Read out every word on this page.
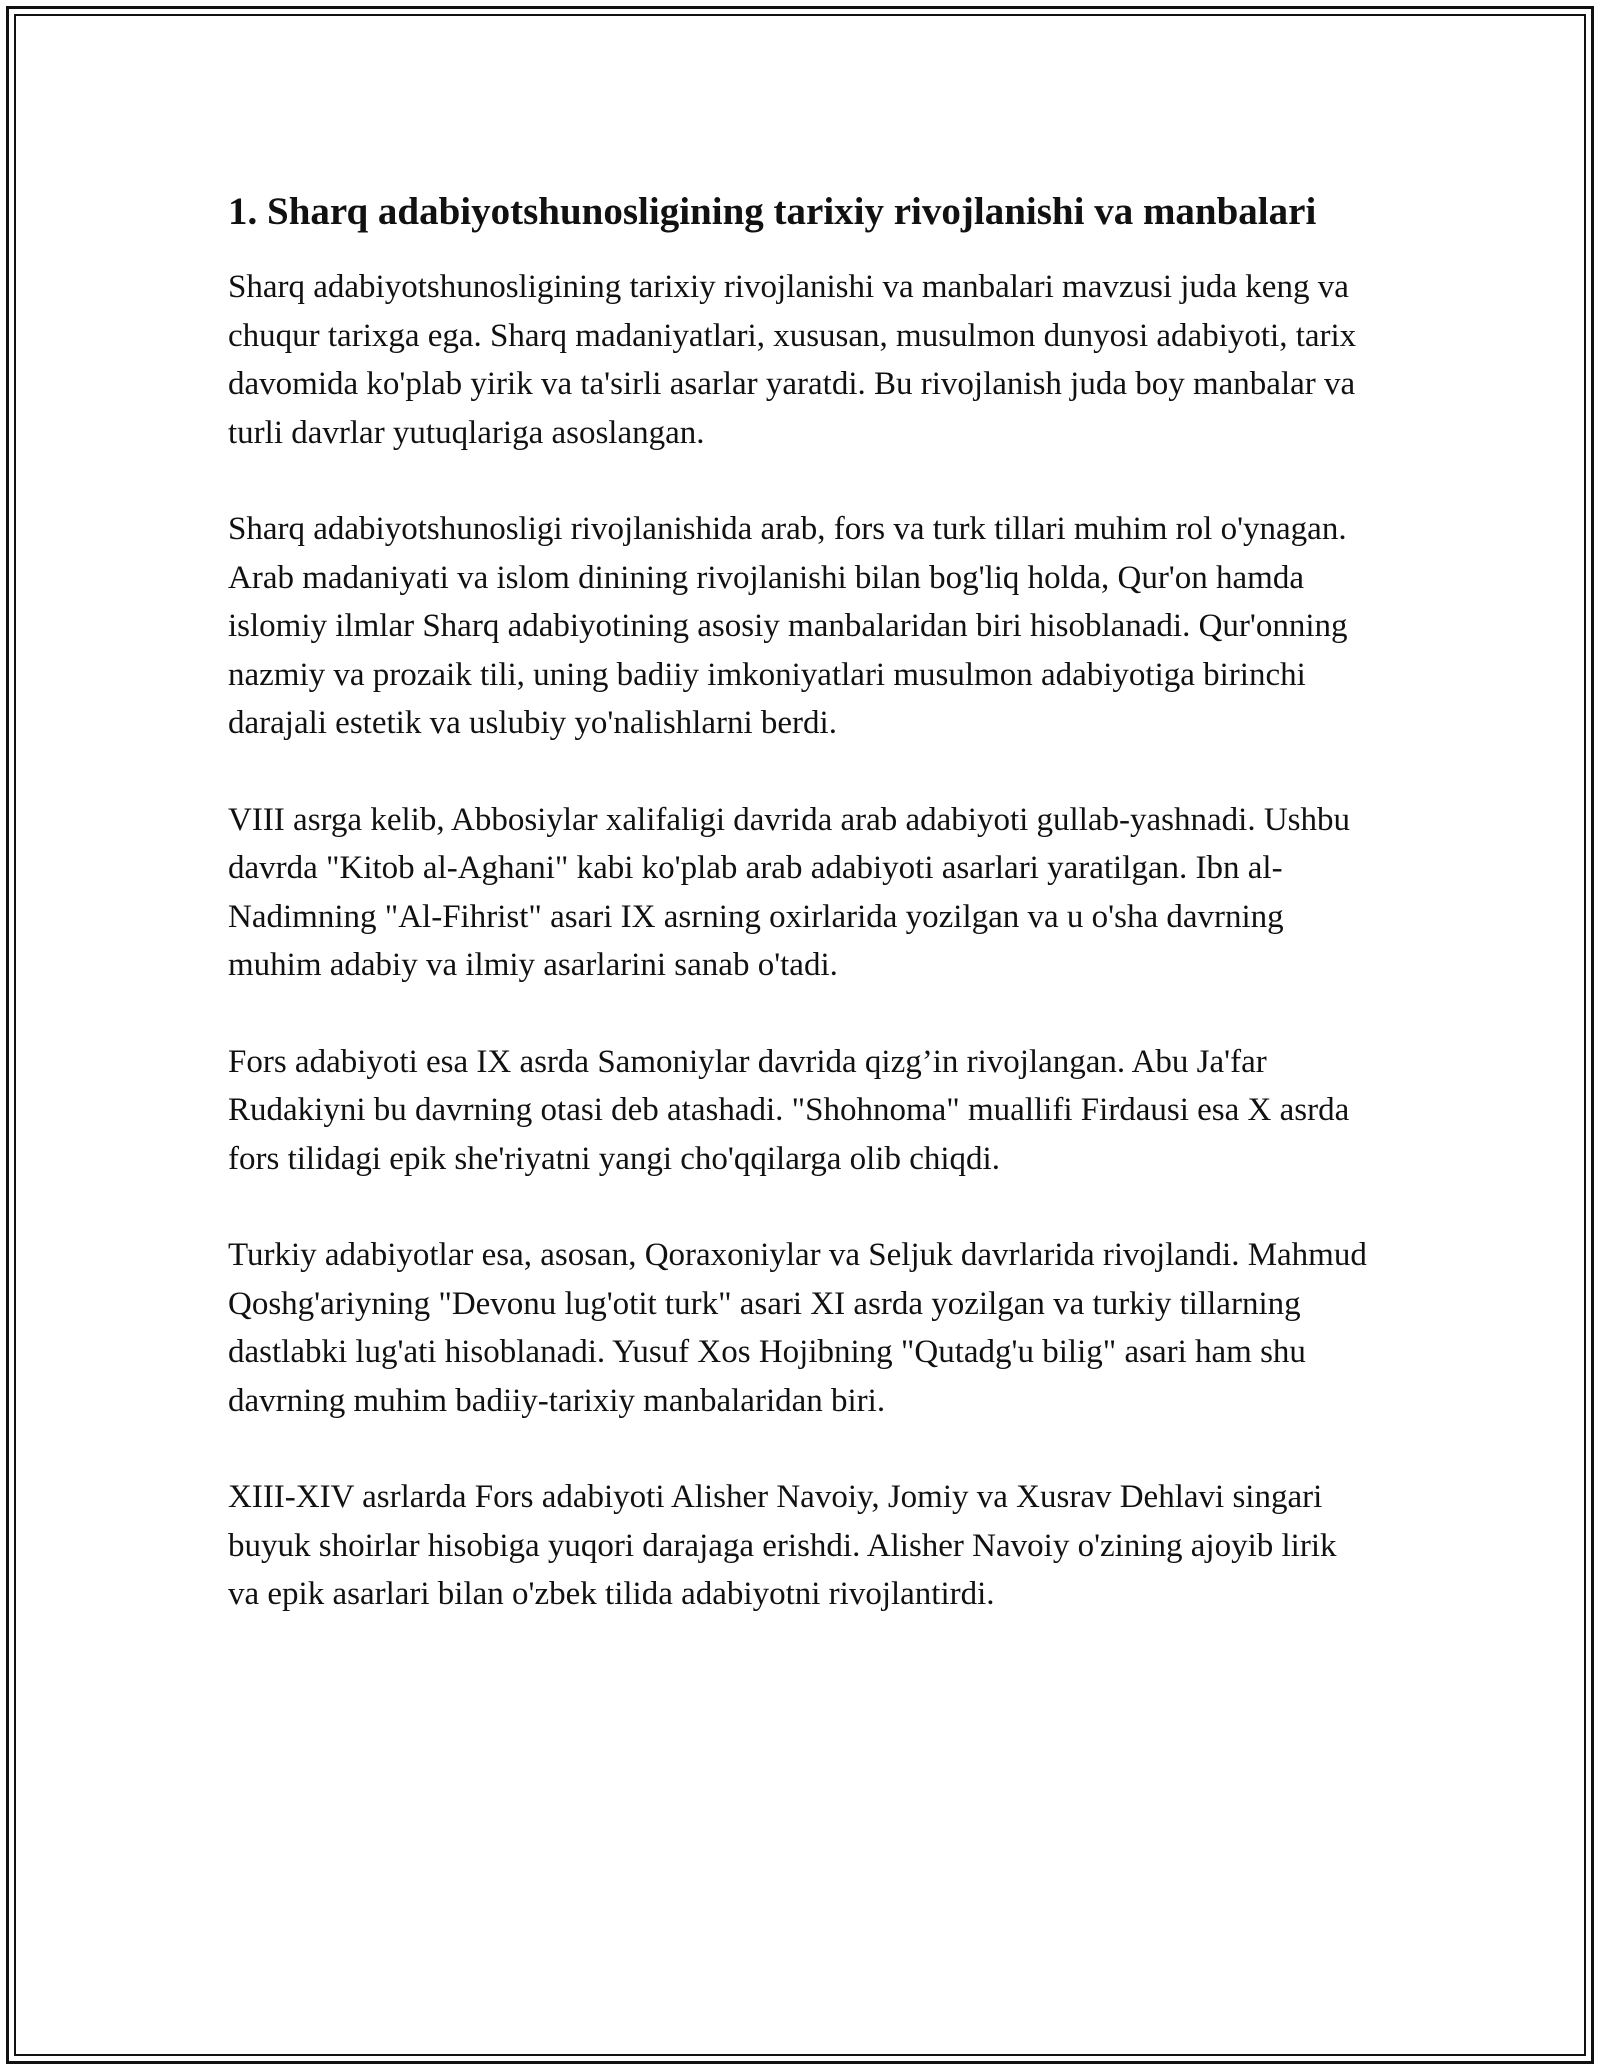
1. Sharq adabiyotshunosligining tarixiy rivojlanishi va manbalari

Sharq adabiyotshunosligining tarixiy rivojlanishi va manbalari mavzusi juda keng va chuqur tarixga ega. Sharq madaniyatlari, xususan, musulmon dunyosi adabiyoti, tarix davomida ko'plab yirik va ta'sirli asarlar yaratdi. Bu rivojlanish juda boy manbalar va turli davrlar yutuqlariga asoslangan.

Sharq adabiyotshunosligi rivojlanishida arab, fors va turk tillari muhim rol o'ynagan. Arab madaniyati va islom dinining rivojlanishi bilan bog'liq holda, Qur'on hamda islomiy ilmlar Sharq adabiyotining asosiy manbalaridan biri hisoblanadi. Qur'onning nazmiy va prozaik tili, uning badiiy imkoniyatlari musulmon adabiyotiga birinchi darajali estetik va uslubiy yo'nalishlarni berdi.

VIII asrga kelib, Abbosiylar xalifaligi davrida arab adabiyoti gullab-yashnadi. Ushbu davrda "Kitob al-Aghani" kabi ko'plab arab adabiyoti asarlari yaratilgan. Ibn al-Nadimning "Al-Fihrist" asari IX asrning oxirlarida yozilgan va u o'sha davrning muhim adabiy va ilmiy asarlarini sanab o'tadi.

Fors adabiyoti esa IX asrda Samoniylar davrida qizg’in rivojlangan. Abu Ja'far Rudakiyni bu davrning otasi deb atashadi. "Shohnoma" muallifi Firdausi esa X asrda fors tilidagi epik she'riyatni yangi cho'qqilarga olib chiqdi.

Turkiy adabiyotlar esa, asosan, Qoraxoniylar va Seljuk davrlarida rivojlandi. Mahmud Qoshg'ariyning "Devonu lug'otit turk" asari XI asrda yozilgan va turkiy tillarning dastlabki lug'ati hisoblanadi. Yusuf Xos Hojibning "Qutadg'u bilig" asari ham shu davrning muhim badiiy-tarixiy manbalaridan biri.

XIII-XIV asrlarda Fors adabiyoti Alisher Navoiy, Jomiy va Xusrav Dehlavi singari buyuk shoirlar hisobiga yuqori darajaga erishdi. Alisher Navoiy o'zining ajoyib lirik va epik asarlari bilan o'zbek tilida adabiyotni rivojlantirdi.
